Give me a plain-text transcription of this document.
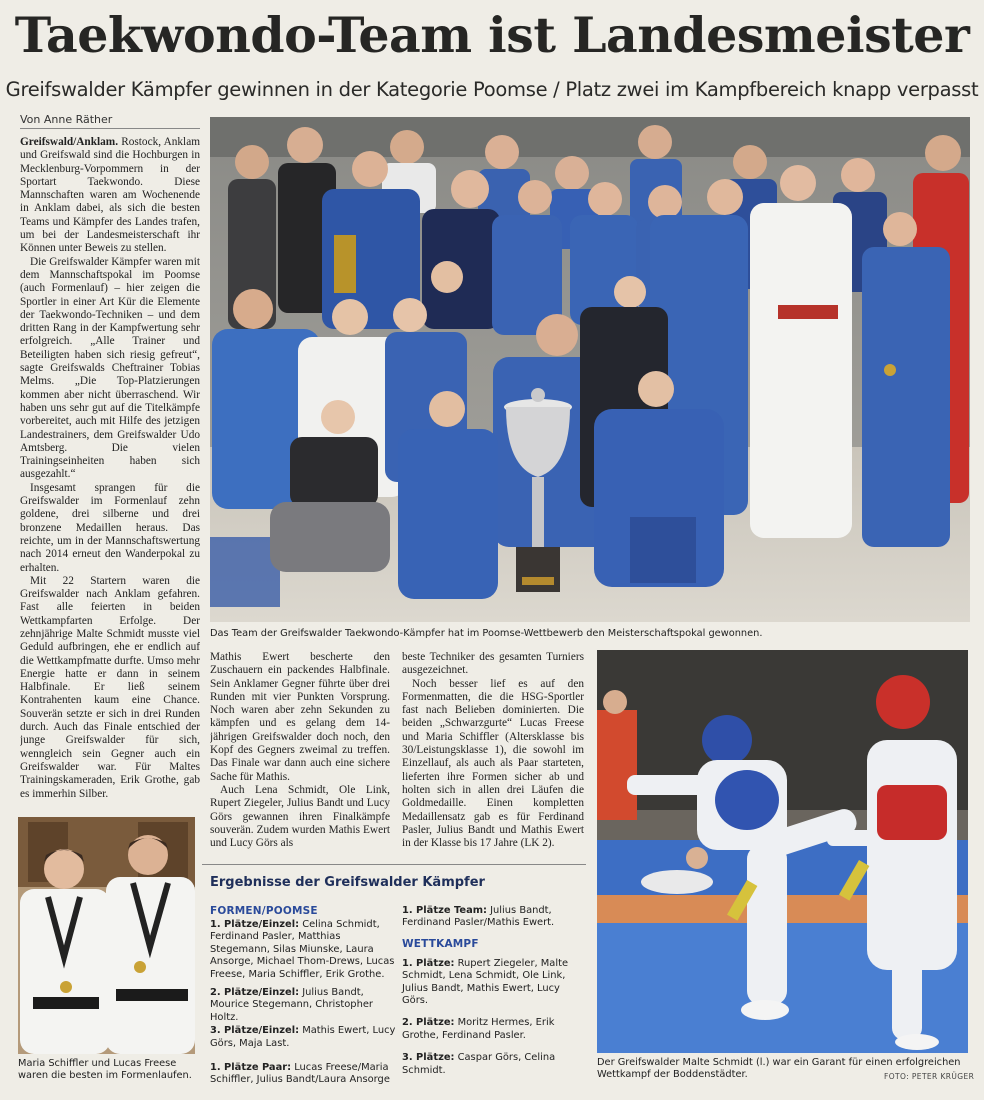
Taekwondo-Team ist Landesmeister
Greifswalder Kämpfer gewinnen in der Kategorie Poomse / Platz zwei im Kampfbereich knapp verpasst
Von Anne Räther

Greifswald/Anklam. Rostock, Anklam und Greifswald sind die Hochburgen in Mecklenburg-Vorpommern in der Sportart Taekwondo. Diese Mannschaften waren am Wochenende in Anklam dabei, als sich die besten Teams und Kämpfer des Landes trafen, um bei der Landesmeisterschaft ihr Können unter Beweis zu stellen.

Die Greifswalder Kämpfer waren mit dem Mannschaftspokal im Poomse (auch Formenlauf) – hier zeigen die Sportler in einer Art Kür die Elemente der Taekwondo-Techniken – und dem dritten Rang in der Kampfwertung sehr erfolgreich. „Alle Trainer und Beteiligten haben sich riesig gefreut“, sagte Greifswalds Cheftrainer Tobias Melms. „Die Top-Platzierungen kommen aber nicht überraschend. Wir haben uns sehr gut auf die Titelkämpfe vorbereitet, auch mit Hilfe des jetzigen Landestrainers, dem Greifswalder Udo Amtsberg. Die vielen Trainingseinheiten haben sich ausgezahlt.“

Insgesamt sprangen für die Greifswalder im Formenlauf zehn goldene, drei silberne und drei bronzene Medaillen heraus. Das reichte, um in der Mannschaftswertung nach 2014 erneut den Wanderpokal zu erhalten.

Mit 22 Startern waren die Greifswalder nach Anklam gefahren. Fast alle feierten in beiden Wettkampfarten Erfolge. Der zehnjährige Malte Schmidt musste viel Geduld aufbringen, ehe er endlich auf die Wettkampfmatte durfte. Umso mehr Energie hatte er dann in seinem Halbfinale. Er ließ seinem Kontrahenten kaum eine Chance. Souverän setzte er sich in drei Runden durch. Auch das Finale entschied der junge Greifswalder für sich, wenngleich sein Gegner auch ein Greifswalder war. Für Maltes Trainingskameraden, Erik Grothe, gab es immerhin Silber.

Das Team der Greifswalder Taekwondo-Kämpfer hat im Poomse-Wettbewerb den Meisterschaftspokal gewonnen.

Mathis Ewert bescherte den Zuschauern ein packendes Halbfinale. Sein Anklamer Gegner führte über drei Runden mit vier Punkten Vorsprung. Noch waren aber zehn Sekunden zu kämpfen und es gelang dem 14-jährigen Greifswalder doch noch, den Kopf des Gegners zweimal zu treffen. Das Finale war dann auch eine sichere Sache für Mathis.

Auch Lena Schmidt, Ole Link, Rupert Ziegeler, Julius Bandt und Lucy Görs gewannen ihren Finalkämpfe souverän. Zudem wurden Mathis Ewert und Lucy Görs als

beste Techniker des gesamten Turniers ausgezeichnet.

Noch besser lief es auf den Formenmatten, die die HSG-Sportler fast nach Belieben dominierten. Die beiden „Schwarzgurte“ Lucas Freese und Maria Schiffler (Altersklasse bis 30/Leistungsklasse 1), die sowohl im Einzellauf, als auch als Paar starteten, lieferten ihre Formen sicher ab und holten sich in allen drei Läufen die Goldmedaille. Einen kompletten Medaillensatz gab es für Ferdinand Pasler, Julius Bandt und Mathis Ewert in der Klasse bis 17 Jahre (LK 2).

Ergebnisse der Greifswalder Kämpfer
FORMEN/POOMSE

1. Plätze/Einzel: Celina Schmidt, Ferdinand Pasler, Matthias Stegemann, Silas Miunske, Laura Ansorge, Michael Thom-Drews, Lucas Freese, Maria Schiffler, Erik Grothe.

2. Plätze/Einzel: Julius Bandt, Mourice Stegemann, Christopher Holtz.

3. Plätze/Einzel: Mathis Ewert, Lucy Görs, Maja Last.

1. Plätze Paar: Lucas Freese/Maria Schiffler, Julius Bandt/Laura Ansorge

1. Plätze Team: Julius Bandt, Ferdinand Pasler/Mathis Ewert.

WETTKAMPF

1. Plätze: Rupert Ziegeler, Malte Schmidt, Lena Schmidt, Ole Link, Julius Bandt, Mathis Ewert, Lucy Görs.

2. Plätze: Moritz Hermes, Erik Grothe, Ferdinand Pasler.

3. Plätze: Caspar Görs, Celina Schmidt.

Maria Schiffler und Lucas Freese waren die besten im Formenlaufen.
Der Greifswalder Malte Schmidt (l.) war ein Garant für einen erfolgreichen Wettkampf der Boddenstädter.	FOTO: PETER KRÜGER
